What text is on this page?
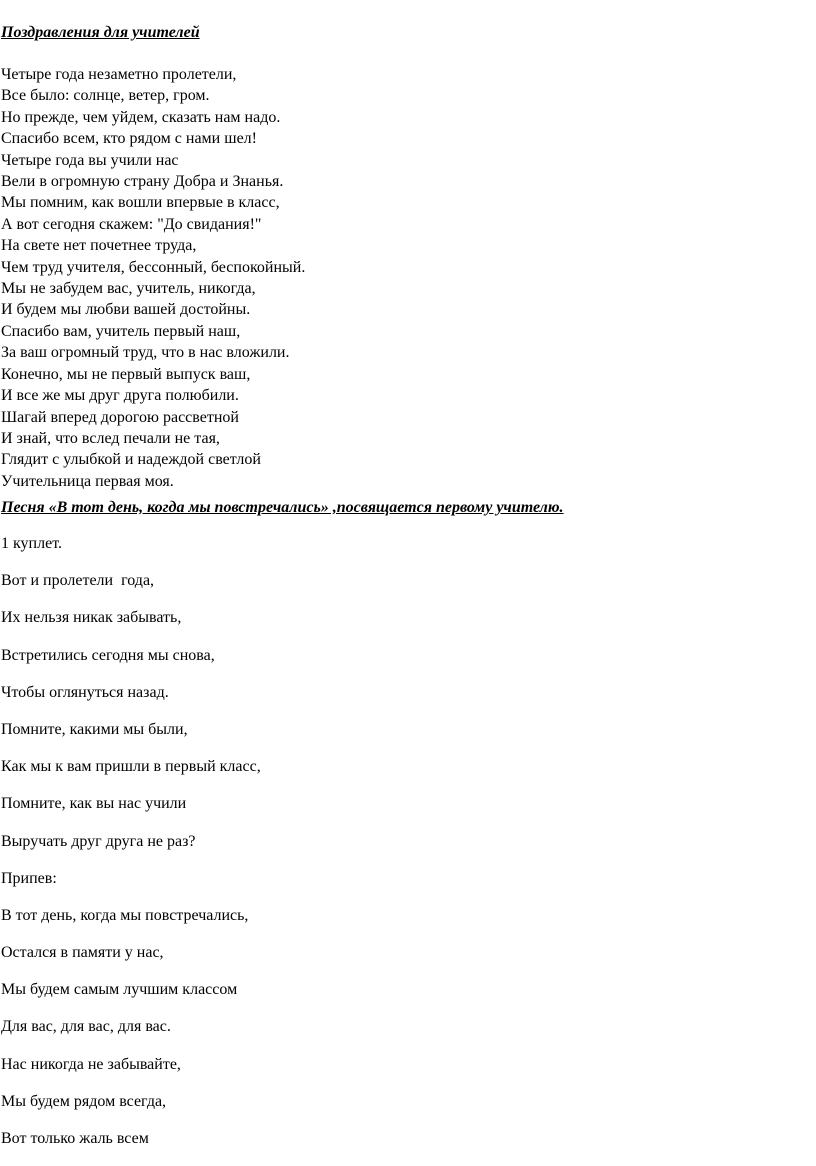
Поздравления для учителей
Четыре года незаметно пролетели,
Все было: солнце, ветер, гром.
Но прежде, чем уйдем, сказать нам надо.
Спасибо всем, кто рядом с нами шел!
Четыре года вы учили нас
Вели в огромную страну Добра и Знанья.
Мы помним, как вошли впервые в класс,
А вот сегодня скажем: "До свидания!"
На свете нет почетнее труда,
Чем труд учителя, бессонный, беспокойный.
Мы не забудем вас, учитель, никогда,
И будем мы любви вашей достойны.
Спасибо вам, учитель первый наш,
За ваш огромный труд, что в нас вложили.
Конечно, мы не первый выпуск ваш,
И все же мы друг друга полюбили.
Шагай вперед дорогою рассветной
И знай, что вслед печали не тая,
Глядит с улыбкой и надеждой светлой
Учительница первая моя.
Песня «В тот день, когда мы повстречались» ,посвящается первому учителю.
1 куплет.
Вот и пролетели  года,
Их нельзя никак забывать,
Встретились сегодня мы снова,
Чтобы оглянуться назад.
Помните, какими мы были,
Как мы к вам пришли в первый класс,
Помните, как вы нас учили
Выручать друг друга не раз?
Припев:
В тот день, когда мы повстречались,
Остался в памяти у нас,
Мы будем самым лучшим классом
Для вас, для вас, для вас.
Нас никогда не забывайте,
Мы будем рядом всегда,
Вот только жаль всем
